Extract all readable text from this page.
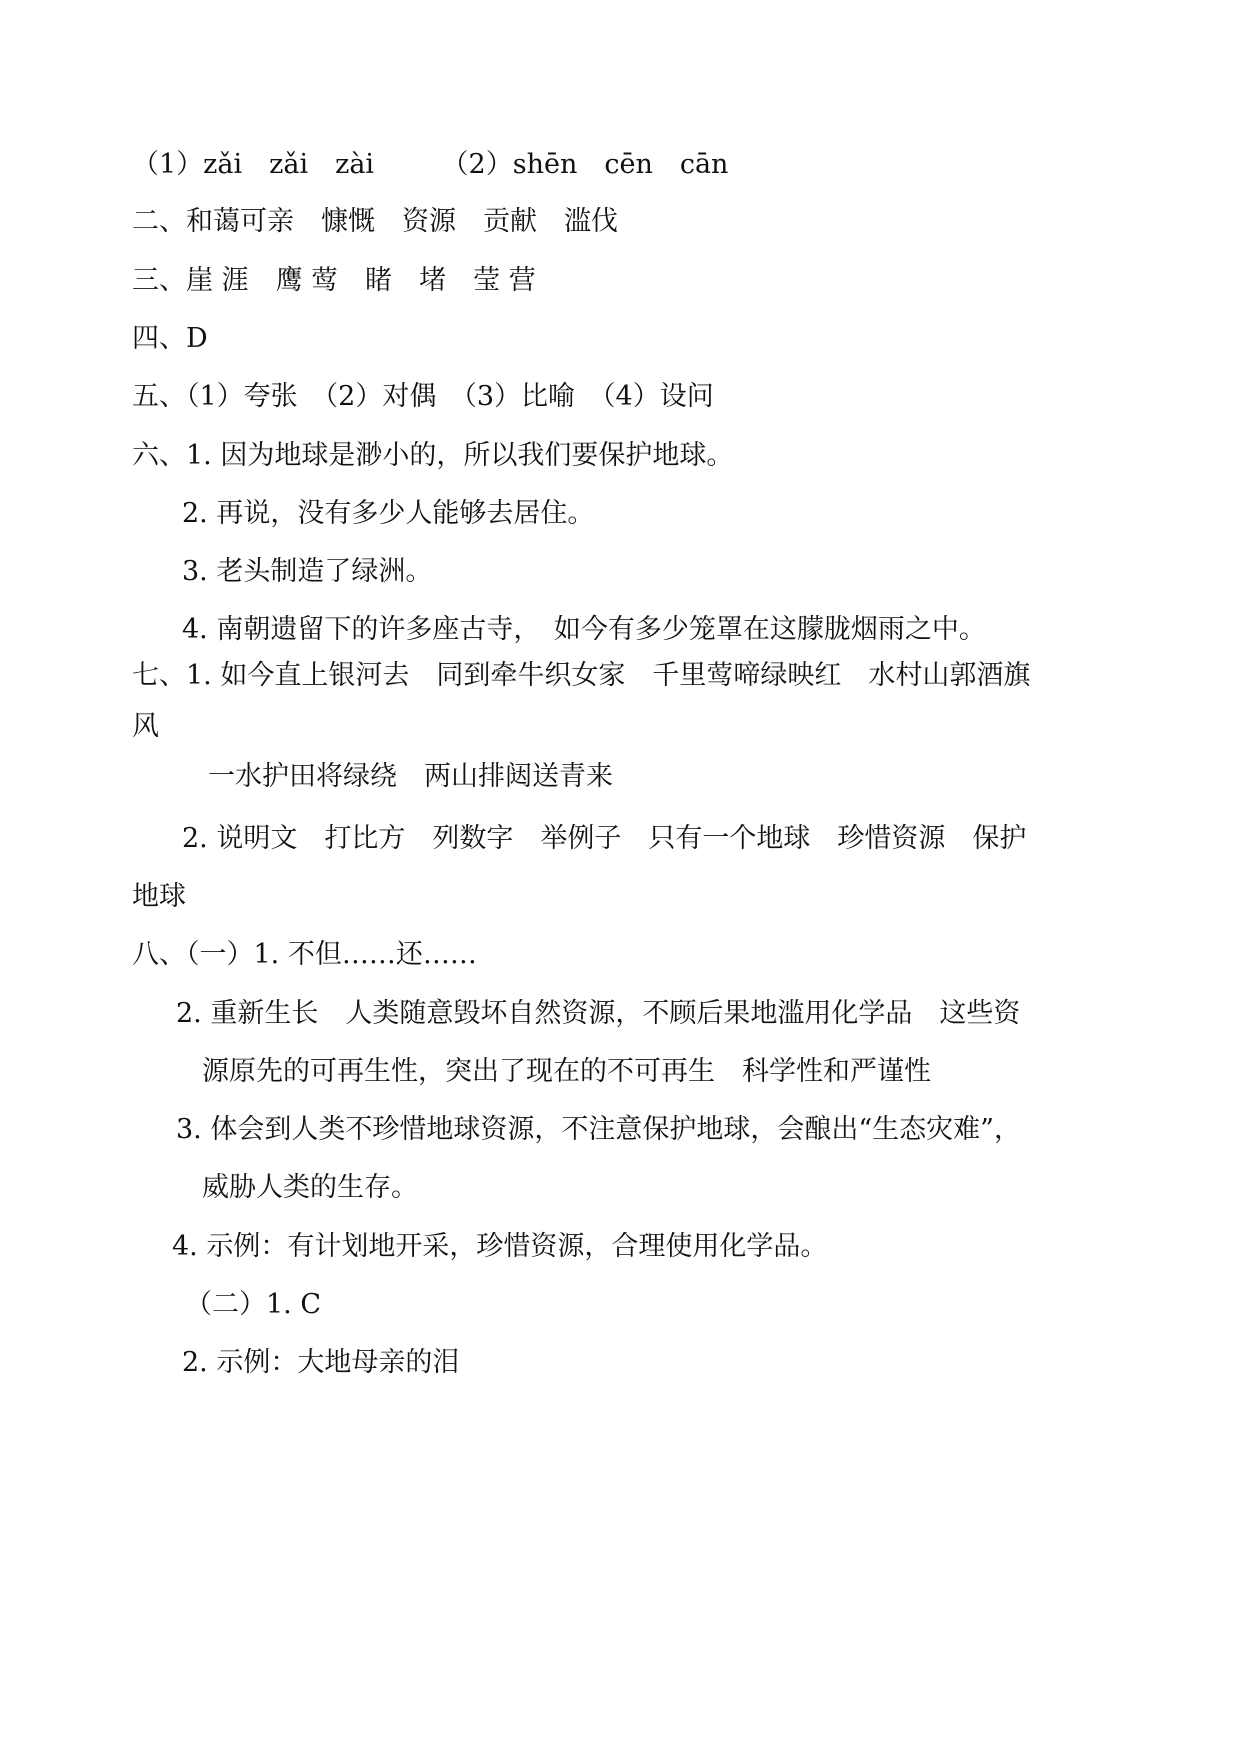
（1）zǎi　zǎi　zài　　　（2）shēn　cēn　cān
二、和蔼可亲　慷慨　资源　贡献　滥伐
三、崖 涯　鹰 莺　睹　堵　莹 营
四、D
五、（1）夸张　（2）对偶　（3）比喻　（4）设问
六、1. 因为地球是渺小的，所以我们要保护地球。
2. 再说，没有多少人能够去居住。
3. 老头制造了绿洲。
4. 南朝遗留下的许多座古寺，　如今有多少笼罩在这朦胧烟雨之中。
七、1. 如今直上银河去　同到牵牛织女家　千里莺啼绿映红　水村山郭酒旗
风
一水护田将绿绕　两山排闼送青来
2. 说明文　打比方　列数字　举例子　只有一个地球　珍惜资源　保护
地球
八、（一）1. 不但……还……
2. 重新生长　人类随意毁坏自然资源，不顾后果地滥用化学品　这些资
源原先的可再生性，突出了现在的不可再生　科学性和严谨性
3. 体会到人类不珍惜地球资源，不注意保护地球，会酿出“生态灾难”，
威胁人类的生存。
4. 示例：有计划地开采，珍惜资源，合理使用化学品。
（二）1. C
2. 示例：大地母亲的泪
